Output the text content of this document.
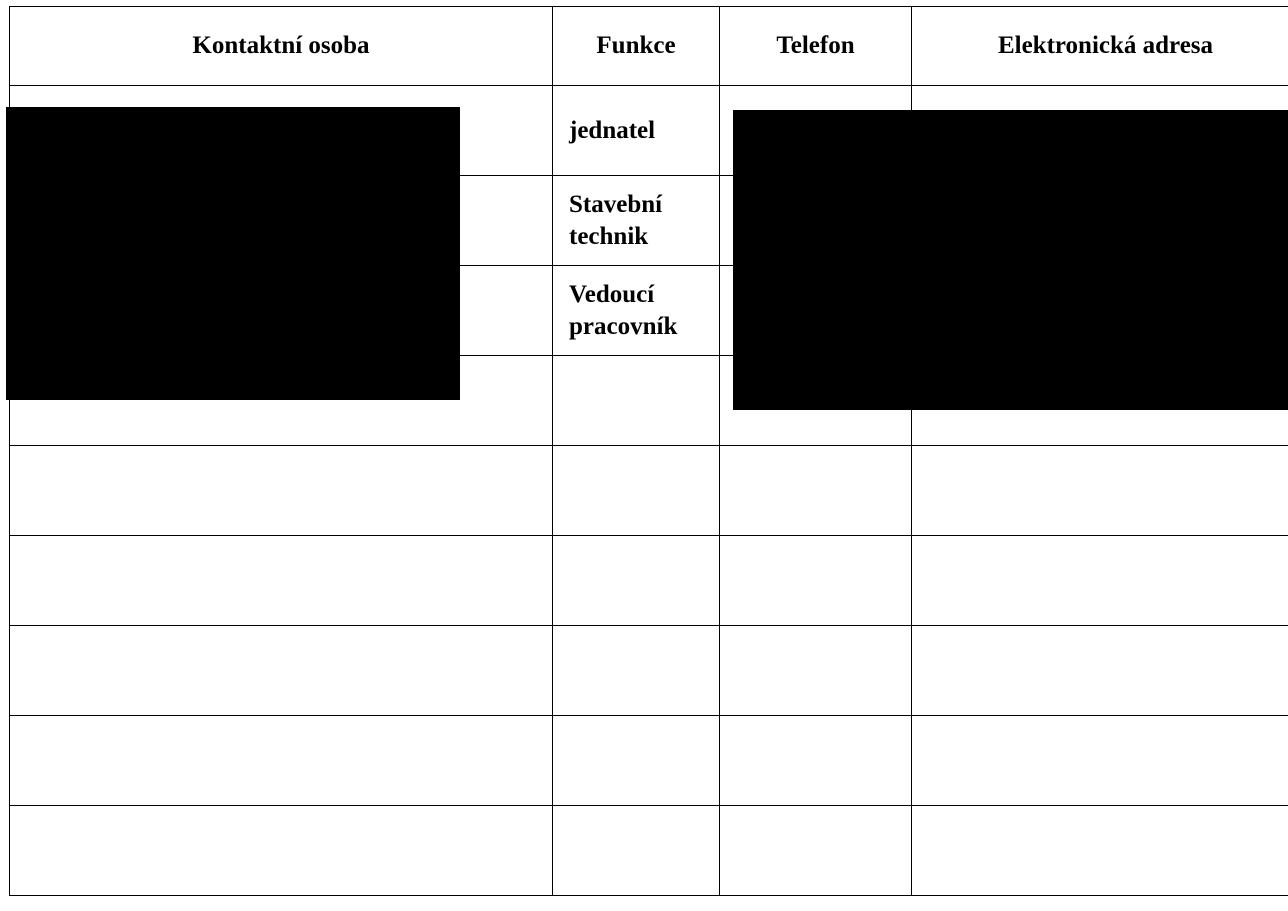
Kontaktní osoba	Funkce	Telefon	Elektronická adresa
	jednatel		
	Stavební technik		
	Vedoucí pracovník		
